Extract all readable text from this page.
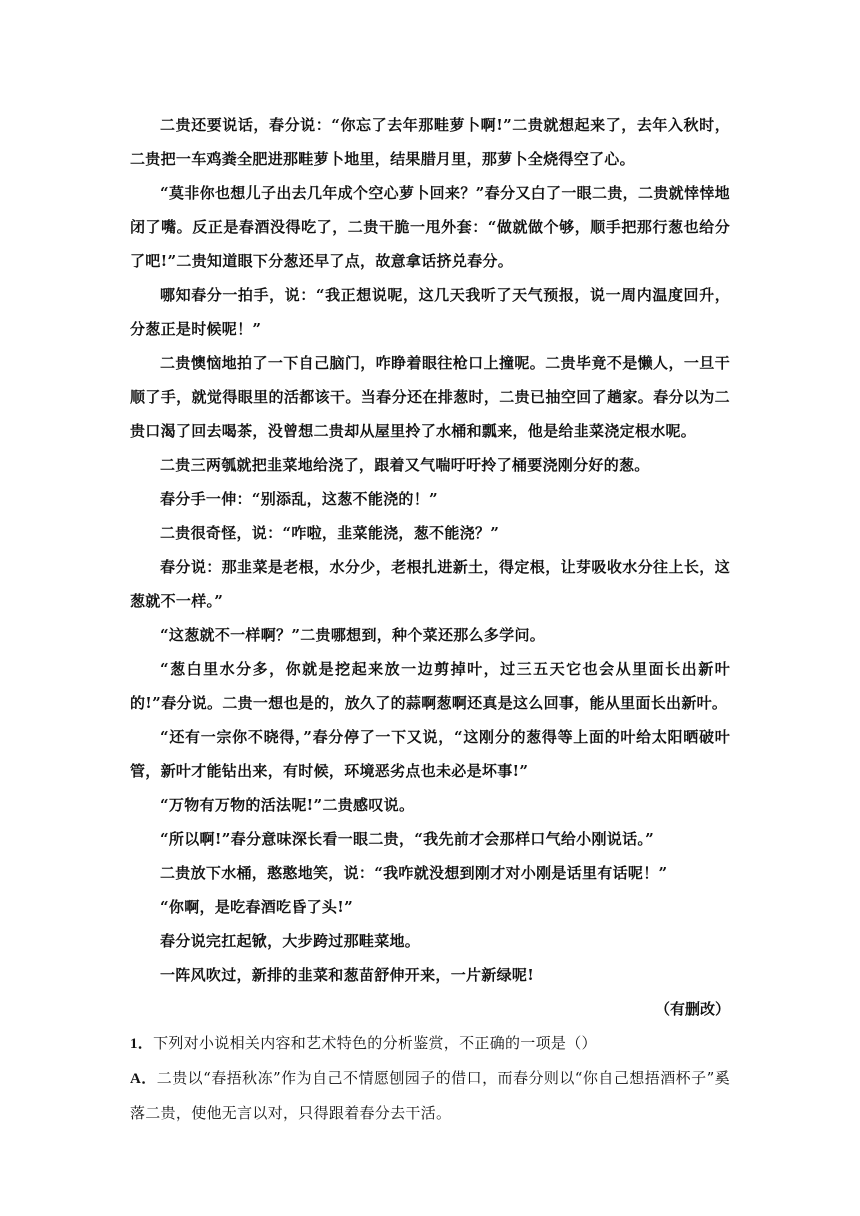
二贵还要说话，春分说：“你忘了去年那畦萝卜啊!”二贵就想起来了，去年入秋时，二贵把一车鸡粪全肥进那畦萝卜地里，结果腊月里，那萝卜全烧得空了心。

“莫非你也想儿子出去几年成个空心萝卜回来？”春分又白了一眼二贵，二贵就悻悻地闭了嘴。反正是春酒没得吃了，二贵干脆一甩外套：“做就做个够，顺手把那行葱也给分了吧!”二贵知道眼下分葱还早了点，故意拿话挤兑春分。

哪知春分一拍手，说：“我正想说呢，这几天我听了天气预报，说一周内温度回升，分葱正是时候呢！”

二贵懊恼地拍了一下自己脑门，咋睁着眼往枪口上撞呢。二贵毕竟不是懒人，一旦干顺了手，就觉得眼里的活都该干。当春分还在排葱时，二贵已抽空回了趟家。春分以为二贵口渴了回去喝茶，没曾想二贵却从屋里拎了水桶和瓢来，他是给韭菜浇定根水呢。

二贵三两瓠就把韭菜地给浇了，跟着又气喘吁吁拎了桶要浇刚分好的葱。

春分手一伸：“别添乱，这葱不能浇的！”

二贵很奇怪，说：“咋啦，韭菜能浇，葱不能浇？”

春分说：那韭菜是老根，水分少，老根扎进新土，得定根，让芽吸收水分往上长，这葱就不一样。”

“这葱就不一样啊？”二贵哪想到，种个菜还那么多学问。

“葱白里水分多，你就是挖起来放一边剪掉叶，过三五天它也会从里面长出新叶的!”春分说。二贵一想也是的，放久了的蒜啊葱啊还真是这么回事，能从里面长出新叶。

“还有一宗你不晓得，”春分停了一下又说，“这刚分的葱得等上面的叶给太阳晒破叶管，新叶才能钻出来，有时候，环境恶劣点也未必是坏事!”

“万物有万物的活法呢!”二贵感叹说。

“所以啊!”春分意味深长看一眼二贵，“我先前才会那样口气给小刚说话。”

二贵放下水桶，憨憨地笑，说：“我咋就没想到刚才对小刚是话里有话呢！”

“你啊，是吃春酒吃昏了头!”

春分说完扛起锨，大步跨过那畦菜地。

一阵风吹过，新排的韭菜和葱苗舒伸开来，一片新绿呢!

（有删改）

1．下列对小说相关内容和艺术特色的分析鉴赏，不正确的一项是（）

A．二贵以“春捂秋冻”作为自己不情愿刨园子的借口，而春分则以“你自己想捂酒杯子”奚落二贵，使他无言以对，只得跟着春分去干活。
